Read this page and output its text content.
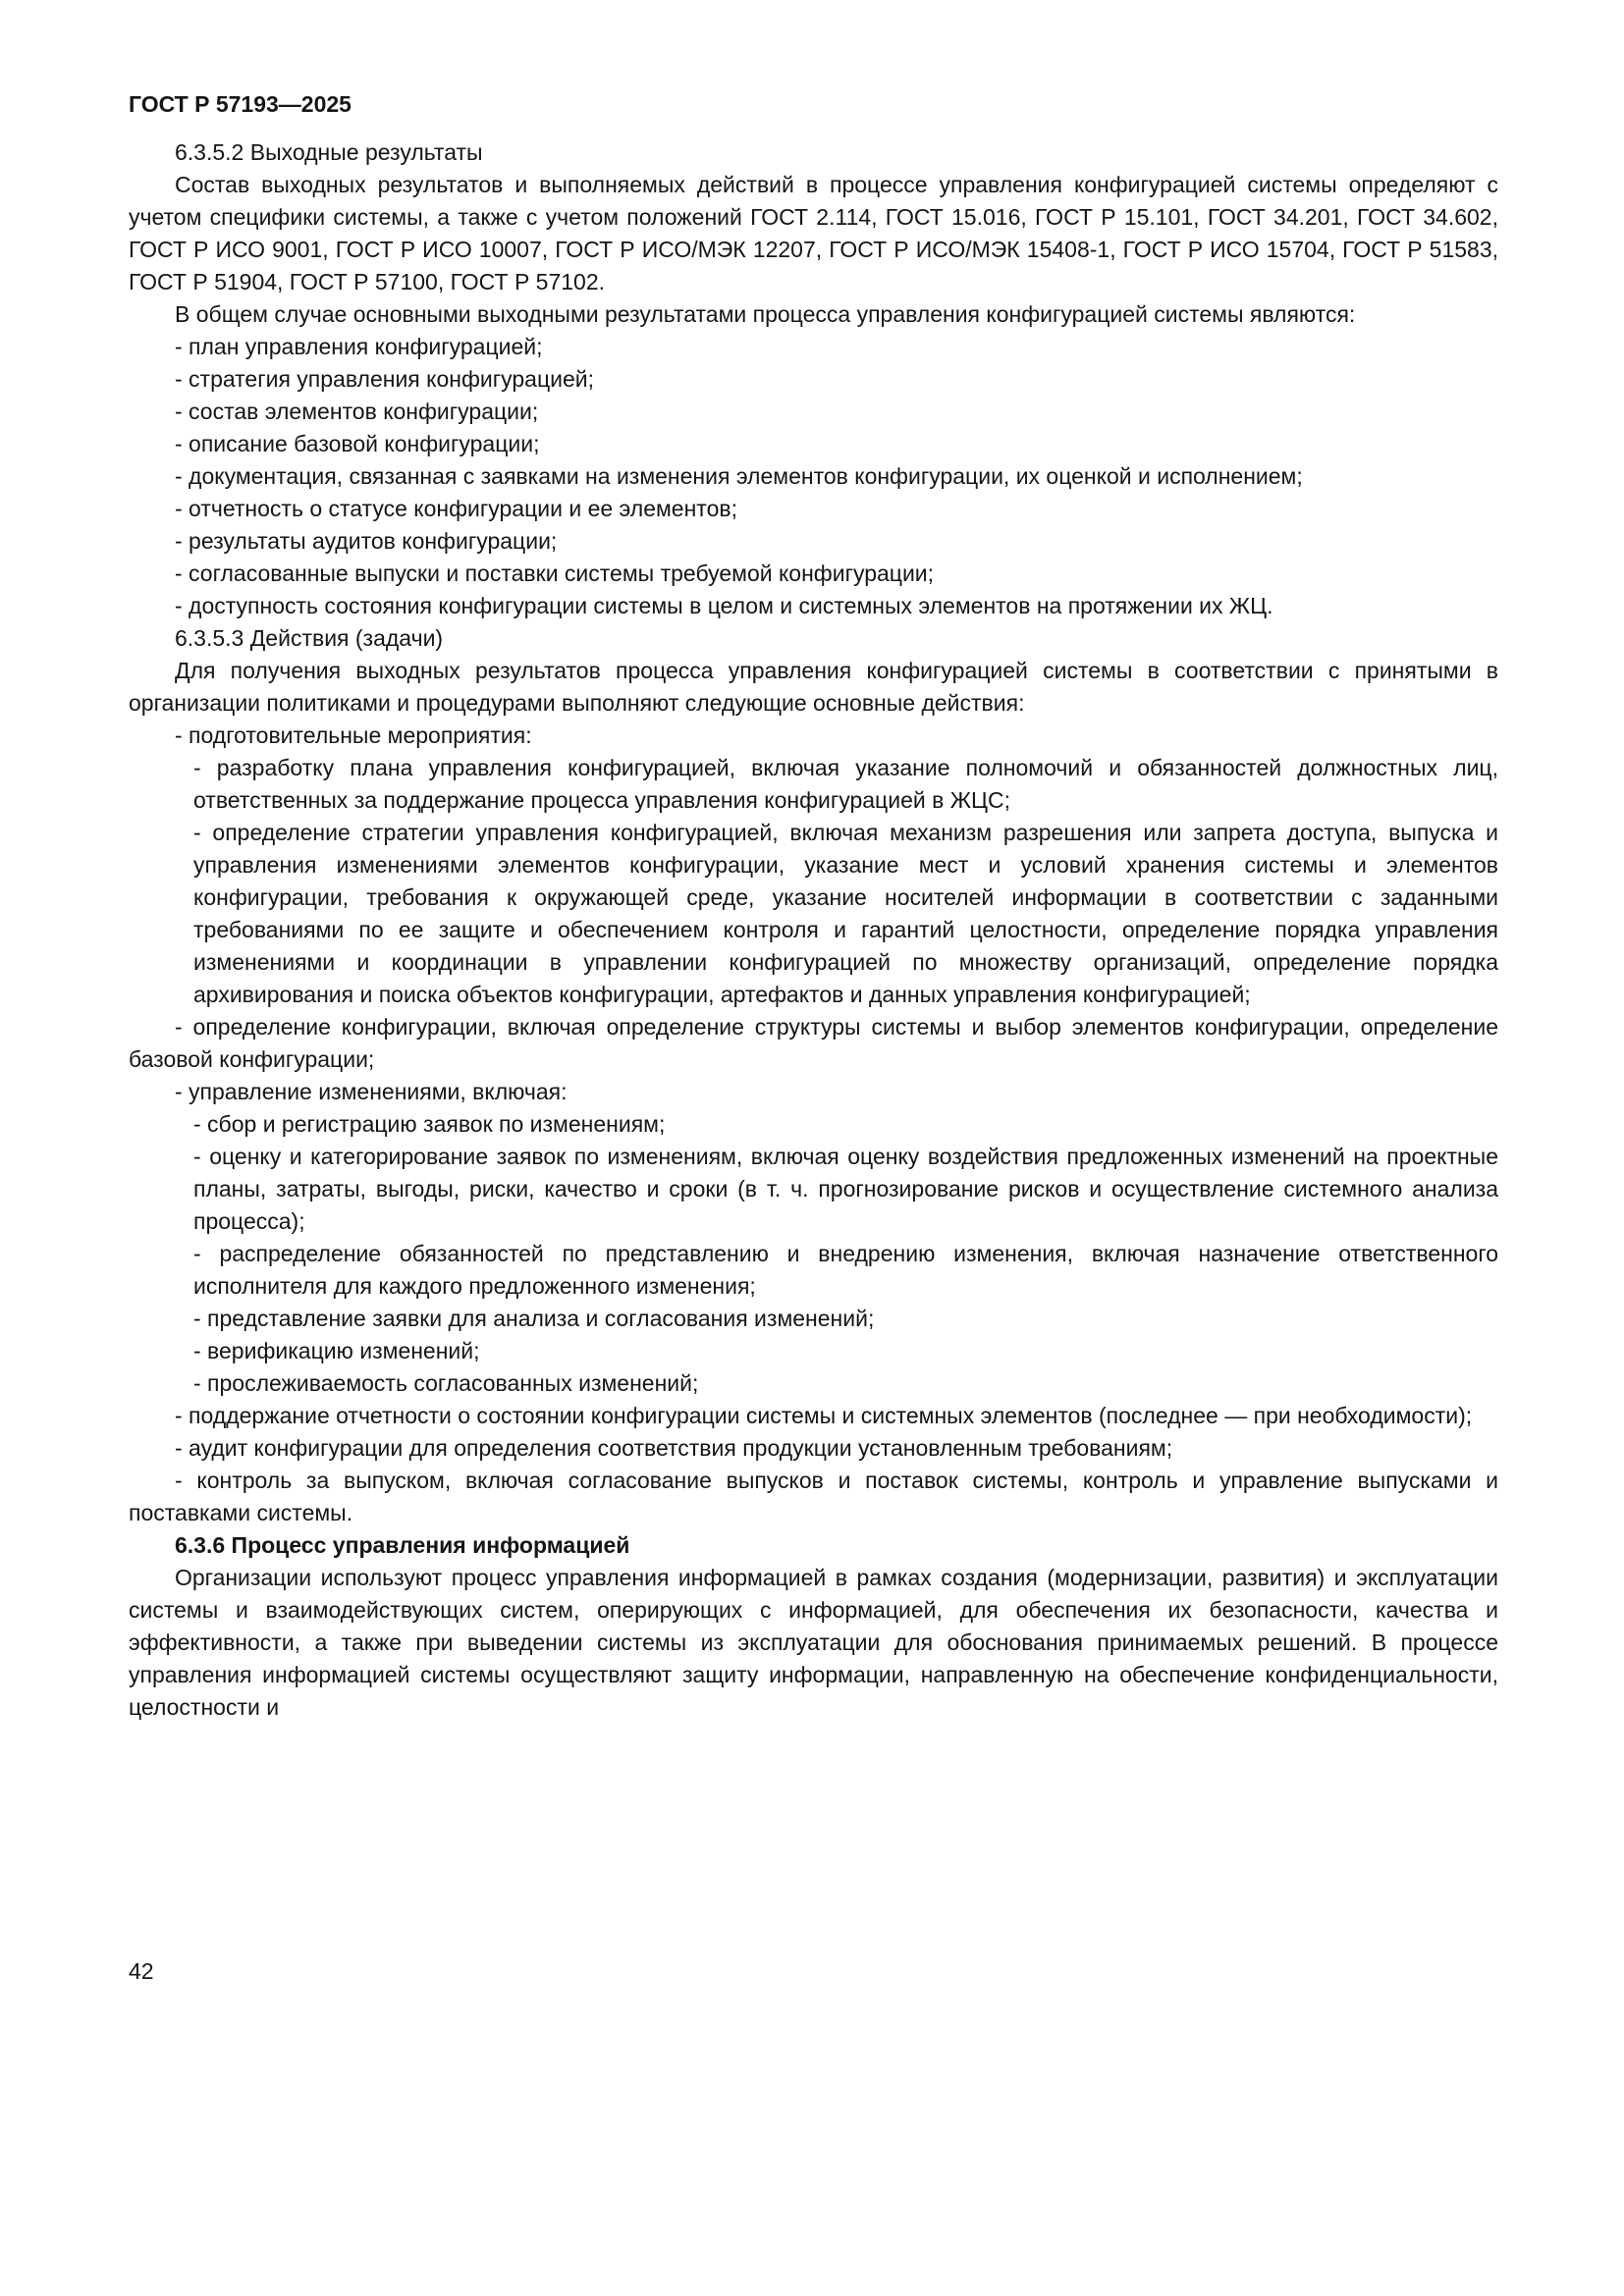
ГОСТ Р 57193—2025

6.3.5.2 Выходные результаты

Состав выходных результатов и выполняемых действий в процессе управления конфигурацией системы определяют с учетом специфики системы, а также с учетом положений ГОСТ 2.114, ГОСТ 15.016, ГОСТ Р 15.101, ГОСТ 34.201, ГОСТ 34.602, ГОСТ Р ИСО 9001, ГОСТ Р ИСО 10007, ГОСТ Р ИСО/МЭК 12207, ГОСТ Р ИСО/МЭК 15408-1, ГОСТ Р ИСО 15704, ГОСТ Р 51583, ГОСТ Р 51904, ГОСТ Р 57100, ГОСТ Р 57102.

В общем случае основными выходными результатами процесса управления конфигурацией системы являются:

- план управления конфигурацией;

- стратегия управления конфигурацией;

- состав элементов конфигурации;

- описание базовой конфигурации;

- документация, связанная с заявками на изменения элементов конфигурации, их оценкой и исполнением;

- отчетность о статусе конфигурации и ее элементов;

- результаты аудитов конфигурации;

- согласованные выпуски и поставки системы требуемой конфигурации;

- доступность состояния конфигурации системы в целом и системных элементов на протяжении их ЖЦ.

6.3.5.3 Действия (задачи)

Для получения выходных результатов процесса управления конфигурацией системы в соответствии с принятыми в организации политиками и процедурами выполняют следующие основные действия:

- подготовительные мероприятия:

- разработку плана управления конфигурацией, включая указание полномочий и обязанностей должностных лиц, ответственных за поддержание процесса управления конфигурацией в ЖЦС;

- определение стратегии управления конфигурацией, включая механизм разрешения или запрета доступа, выпуска и управления изменениями элементов конфигурации, указание мест и условий хранения системы и элементов конфигурации, требования к окружающей среде, указание носителей информации в соответствии с заданными требованиями по ее защите и обеспечением контроля и гарантий целостности, определение порядка управления изменениями и координации в управлении конфигурацией по множеству организаций, определение порядка архивирования и поиска объектов конфигурации, артефактов и данных управления конфигурацией;

- определение конфигурации, включая определение структуры системы и выбор элементов конфигурации, определение базовой конфигурации;

- управление изменениями, включая:

- сбор и регистрацию заявок по изменениям;

- оценку и категорирование заявок по изменениям, включая оценку воздействия предложенных изменений на проектные планы, затраты, выгоды, риски, качество и сроки (в т. ч. прогнозирование рисков и осуществление системного анализа процесса);

- распределение обязанностей по представлению и внедрению изменения, включая назначение ответственного исполнителя для каждого предложенного изменения;

- представление заявки для анализа и согласования изменений;

- верификацию изменений;

- прослеживаемость согласованных изменений;

- поддержание отчетности о состоянии конфигурации системы и системных элементов (последнее — при необходимости);

- аудит конфигурации для определения соответствия продукции установленным требованиям;

- контроль за выпуском, включая согласование выпусков и поставок системы, контроль и управление выпусками и поставками системы.

6.3.6 Процесс управления информацией

Организации используют процесс управления информацией в рамках создания (модернизации, развития) и эксплуатации системы и взаимодействующих систем, оперирующих с информацией, для обеспечения их безопасности, качества и эффективности, а также при выведении системы из эксплуатации для обоснования принимаемых решений. В процессе управления информацией системы осуществляют защиту информации, направленную на обеспечение конфиденциальности, целостности и

42
